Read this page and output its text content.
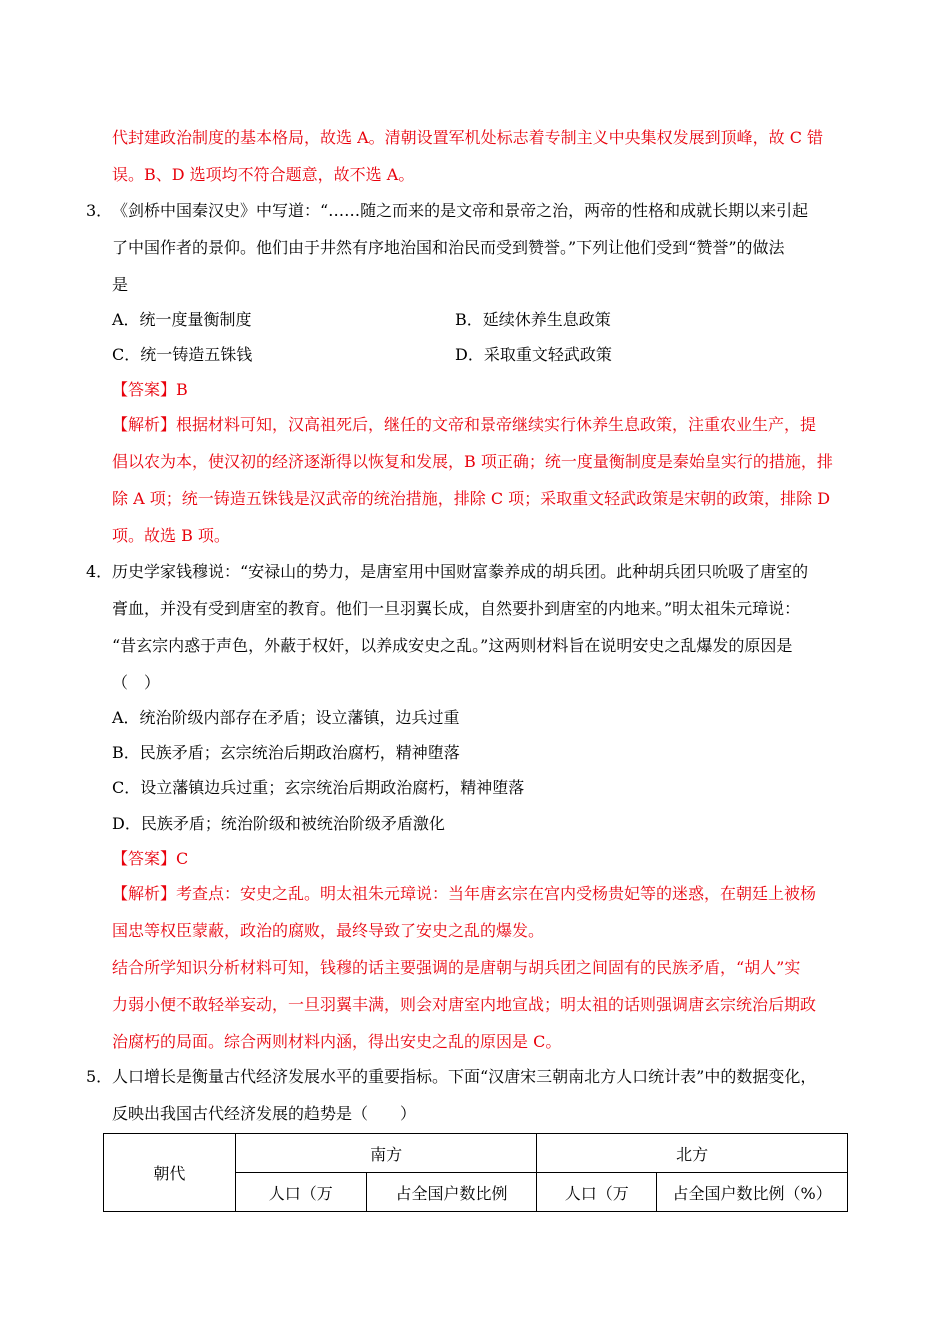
代封建政治制度的基本格局，故选 A。清朝设置军机处标志着专制主义中央集权发展到顶峰，故 C 错
误。B、D 选项均不符合题意，故不选 A。
3． 《剑桥中国秦汉史》中写道：“……随之而来的是文帝和景帝之治，两帝的性格和成就长期以来引起
了中国作者的景仰。他们由于井然有序地治国和治民而受到赞誉。”下列让他们受到“赞誉”的做法
是
A．统一度量衡制度	B．延续休养生息政策
C．统一铸造五铢钱	D．采取重文轻武政策
【答案】B
【解析】根据材料可知，汉高祖死后，继任的文帝和景帝继续实行休养生息政策，注重农业生产，提
倡以农为本，使汉初的经济逐渐得以恢复和发展，B 项正确；统一度量衡制度是秦始皇实行的措施，排
除 A 项；统一铸造五铢钱是汉武帝的统治措施，排除 C 项；采取重文轻武政策是宋朝的政策，排除 D
项。故选 B 项。
4． 历史学家钱穆说：“安禄山的势力，是唐室用中国财富豢养成的胡兵团。此种胡兵团只吮吸了唐室的
膏血，并没有受到唐室的教育。他们一旦羽翼长成，自然要扑到唐室的内地来。”明太祖朱元璋说：
“昔玄宗内惑于声色，外蔽于权奸，以养成安史之乱。”这两则材料旨在说明安史之乱爆发的原因是
（　）
A．统治阶级内部存在矛盾；设立藩镇，边兵过重
B．民族矛盾；玄宗统治后期政治腐朽，精神堕落
C．设立藩镇边兵过重；玄宗统治后期政治腐朽，精神堕落
D．民族矛盾；统治阶级和被统治阶级矛盾激化
【答案】C
【解析】考查点：安史之乱。明太祖朱元璋说：当年唐玄宗在宫内受杨贵妃等的迷惑，在朝廷上被杨
国忠等权臣蒙蔽，政治的腐败，最终导致了安史之乱的爆发。
结合所学知识分析材料可知，钱穆的话主要强调的是唐朝与胡兵团之间固有的民族矛盾，“胡人”实
力弱小便不敢轻举妄动，一旦羽翼丰满，则会对唐室内地宣战；明太祖的话则强调唐玄宗统治后期政
治腐朽的局面。综合两则材料内涵，得出安史之乱的原因是 C。
5． 人口增长是衡量古代经济发展水平的重要指标。下面“汉唐宋三朝南北方人口统计表”中的数据变化，
反映出我国古代经济发展的趋势是（　　）
朝代	南方		北方	
	人口（万	占全国户数比例	人口（万	占全国户数比例（%）
